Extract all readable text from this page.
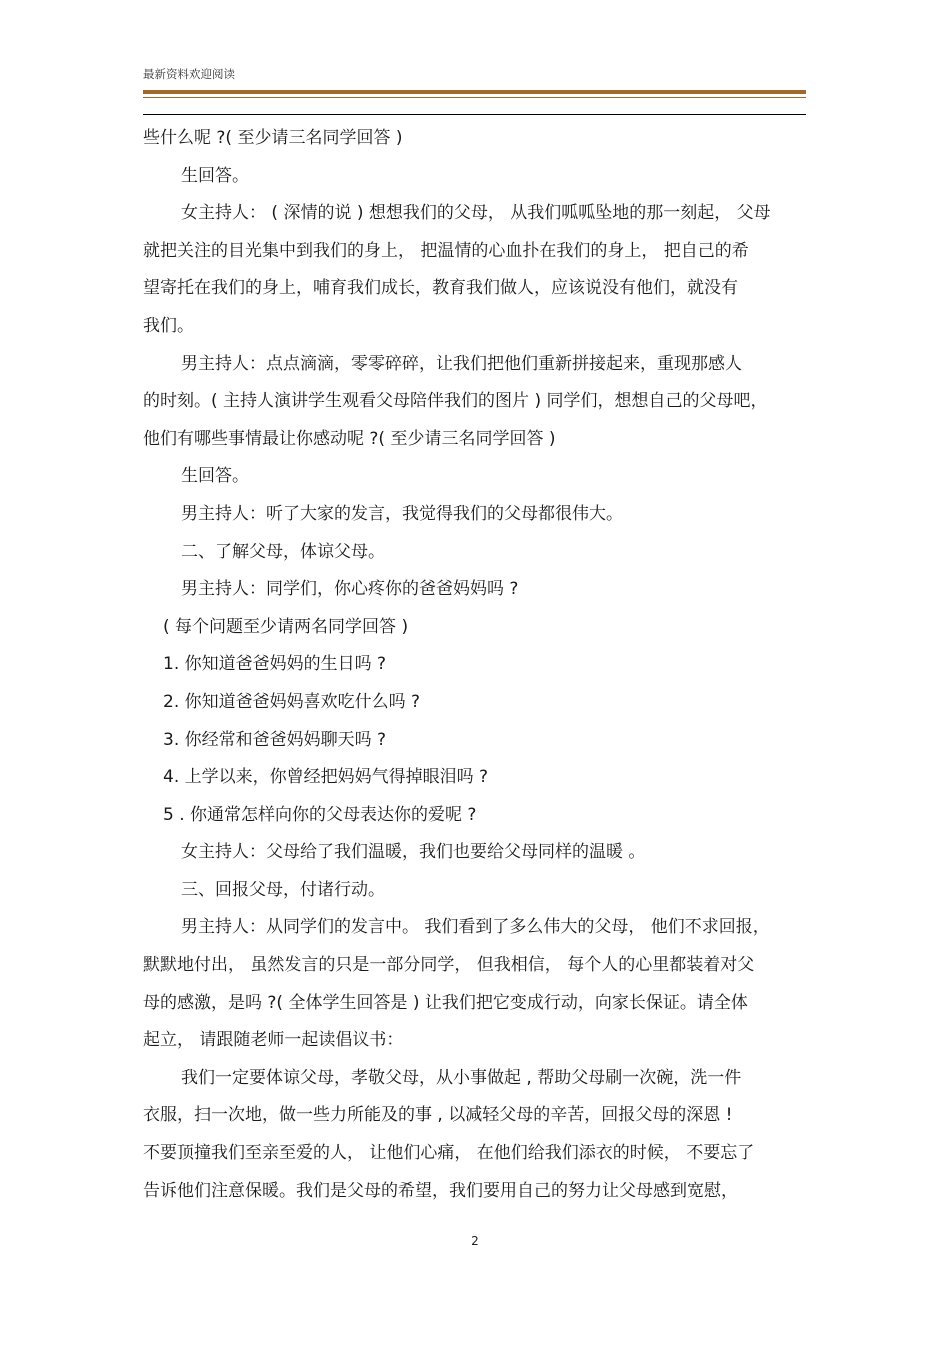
最新资料欢迎阅读
些什么呢 ?( 至少请三名同学回答 )
生回答。
女主持人： ( 深情的说 ) 想想我们的父母， 从我们呱呱坠地的那一刻起， 父母
就把关注的目光集中到我们的身上， 把温情的心血扑在我们的身上， 把自己的希
望寄托在我们的身上，哺育我们成长，教育我们做人，应该说没有他们，就没有
我们。
男主持人：点点滴滴，零零碎碎，让我们把他们重新拼接起来，重现那感人
的时刻。( 主持人演讲学生观看父母陪伴我们的图片 ) 同学们，想想自己的父母吧，
他们有哪些事情最让你感动呢 ?( 至少请三名同学回答 )
生回答。
男主持人：听了大家的发言，我觉得我们的父母都很伟大。
二、了解父母，体谅父母。
男主持人：同学们，你心疼你的爸爸妈妈吗 ?
( 每个问题至少请两名同学回答 )
1. 你知道爸爸妈妈的生日吗 ?
2. 你知道爸爸妈妈喜欢吃什么吗 ?
3. 你经常和爸爸妈妈聊天吗 ?
4. 上学以来，你曾经把妈妈气得掉眼泪吗 ?
5 . 你通常怎样向你的父母表达你的爱呢 ?
女主持人：父母给了我们温暖，我们也要给父母同样的温暖 。
三、回报父母，付诸行动。
男主持人：从同学们的发言中。 我们看到了多么伟大的父母， 他们不求回报，
默默地付出， 虽然发言的只是一部分同学， 但我相信， 每个人的心里都装着对父
母的感激，是吗 ?( 全体学生回答是 ) 让我们把它变成行动，向家长保证。请全体
起立， 请跟随老师一起读倡议书：
我们一定要体谅父母，孝敬父母，从小事做起 , 帮助父母刷一次碗，洗一件
衣服，扫一次地，做一些力所能及的事 , 以减轻父母的辛苦，回报父母的深恩 !
不要顶撞我们至亲至爱的人， 让他们心痛， 在他们给我们添衣的时候， 不要忘了
告诉他们注意保暖。我们是父母的希望，我们要用自己的努力让父母感到宽慰，
2
